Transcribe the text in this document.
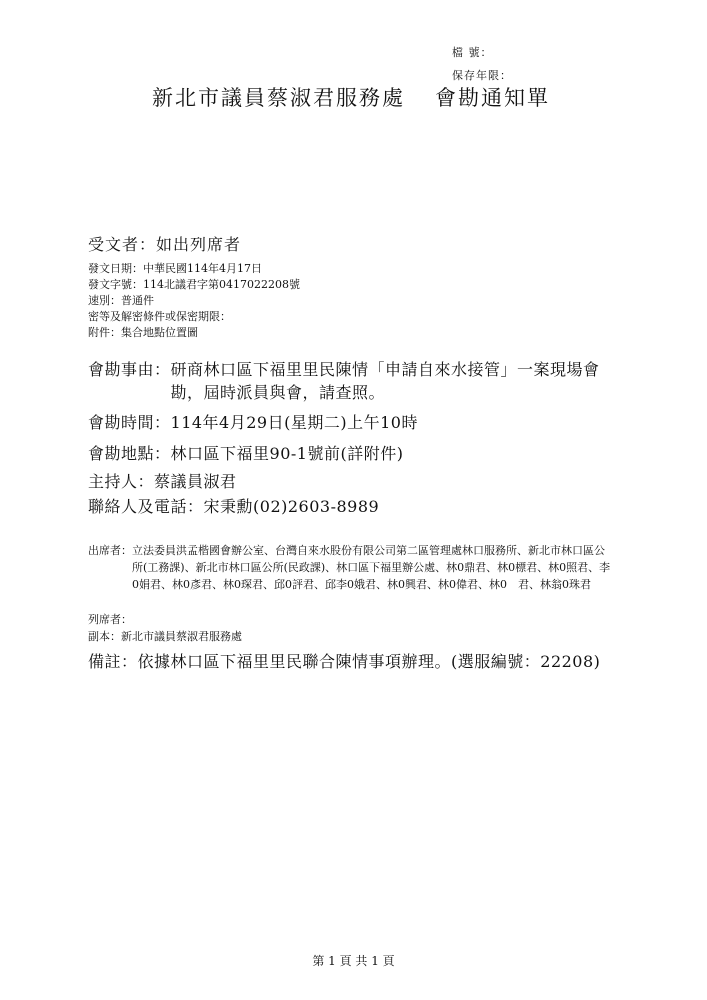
檔 號：
保存年限：
新北市議員蔡淑君服務處 會勘通知單
受文者：如出列席者
發文日期：中華民國114年4月17日
發文字號：114北議君字第0417022208號
速別：普通件
密等及解密條件或保密期限：
附件：集合地點位置圖
會勘事由： 研商林口區下福里里民陳情「申請自來水接管」一案現場會勘，屆時派員與會，請查照。
會勘時間：114年4月29日(星期二)上午10時
會勘地點：林口區下福里90-1號前(詳附件)
主持人：蔡議員淑君
聯絡人及電話：宋秉勳(02)2603-8989
出席者： 立法委員洪孟楷國會辦公室、台灣自來水股份有限公司第二區管理處林口服務所、新北市林口區公所(工務課)、新北市林口區公所(民政課)、林口區下福里辦公處、林0鼎君、林0標君、林0照君、李0娟君、林0彥君、林0琛君、邱0評君、邱李0娥君、林0興君、林0偉君、林0　君、林翁0珠君
列席者：
副本： 新北市議員蔡淑君服務處
備註： 依據林口區下福里里民聯合陳情事項辦理。(選服編號：22208)
第 1 頁 共 1 頁
